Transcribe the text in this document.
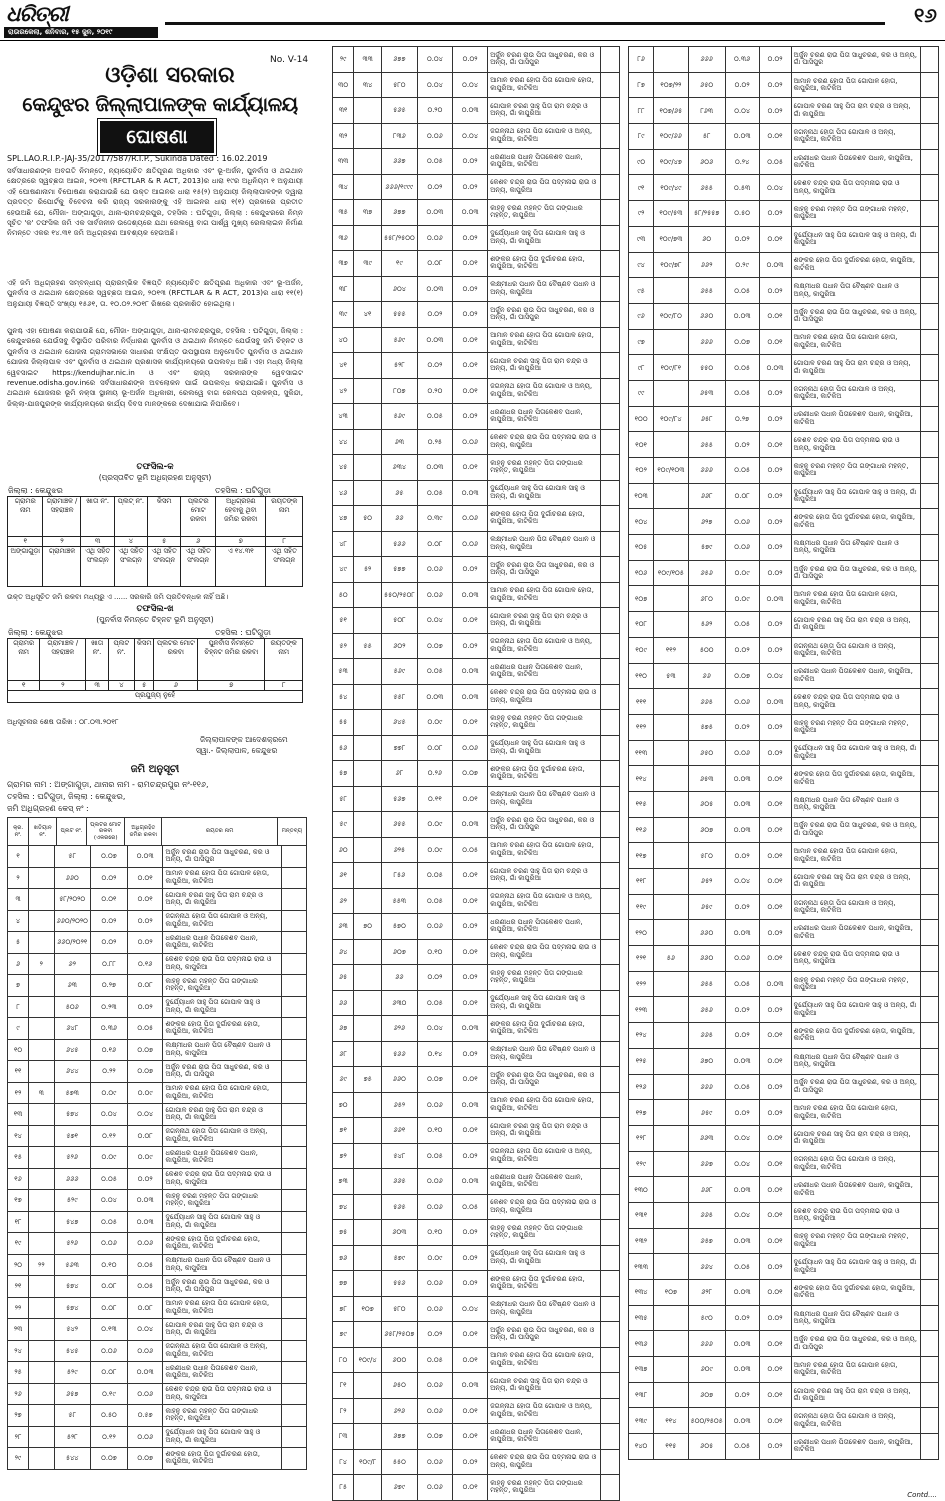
ଧରିତ୍ରୀ
ରାଉରକେଲା, ଶନିବାର, ୧୫ ଜୁନ, ୨୦୧୯
୧୬
No. V-14
ଓଡ଼ିଶା ସରକାର
କେନ୍ଦୁଝର ଜିଲ୍ଲାପାଳଙ୍କ କାର୍ଯ୍ୟାଳୟ
ଘୋଷଣା
SPL.LAO.R.I.P.-JAJ-35/2017/587/R.I.P., Sukinda Dated : 16.02.2019
ସର୍ବସାଧାରଣଙ୍କ ଅବଗତି ନିମନ୍ତେ, ନ୍ୟାୟୋଚିତ କ୍ଷତିପୂରଣ ଅଧିକାର ଏବଂ ଭୂ-ଅର୍ଜନ, ପୁନର୍ବାସ ଓ ଥଇଥାନ କ୍ଷେତ୍ରରେ ସ୍ୱଚ୍ଛତା ଆଇନ, ୨୦୧୩ (RFCTLAR & R ACT, 2013)ର ଧାରା ୧୯ର ଅଧିନିୟମ ୧ ଅନୁଯାୟୀ ଏହି ଘୋଷଣାନାମା ବିଘୋଷଣା କରାଯାଉଛି ଯେ ଉକ୍ତ ଆଇନର ଧାରା ୧୫(୨) ଅନୁଯାୟୀ ଜିଲ୍ଲାପାଳଙ୍କ ଦ୍ୱାରା ପ୍ରଦତ୍ତ ରିପୋର୍ଟକୁ ବିବେଚନା କରି ରାଜ୍ୟ ସରକାରଙ୍କୁ ଏହି ଆଇନର ଧାରା ୧(୧) ପ୍ରକାରେ ପ୍ରତୀତ ହେଉଅଛି ଯେ, ମୌଜା- ଅଙ୍ଗାଗୁଡ଼ା, ଥାନା-ରାମଚନ୍ଦ୍ରପୁର, ତହସିଲ : ଘଟିଗୁଡ଼ା, ଜିଲ୍ଲା : କେନ୍ଦୁଝରରେ ନିମ୍ନ ସୂଚିତ 'କ' ତଫସିଲ ଜମି ଏକ ସାର୍ବଜନୀନ ଉଦ୍ଦେଶ୍ୟରେ ଯଥା ରେଲୱେ ବାଗ ପାର୍ଶ୍ୱ ମୁଖ୍ୟ ରେଲଲାଇନ ନିର୍ମାଣ ନିମନ୍ତେ ଏକର ୧୪.୩୧ ଜମି ଅଧିଗ୍ରହଣ ଆବଶ୍ୟକ ହେଉଅଛି।
ଏହି ଜମି ଅଧିଗ୍ରହଣ ସମ୍ବନ୍ଧୀୟ ପ୍ରାରମ୍ଭିକ ବିଜ୍ଞପ୍ତି ନ୍ୟାୟୋଚିତ କ୍ଷତିପୂରଣ ଅଧିକାର ଏବଂ ଭୂ-ଅର୍ଜନ, ପୁନର୍ବାସ ଓ ଥଇଥାନ କ୍ଷେତ୍ରରେ ସ୍ୱଚ୍ଛତା ଆଇନ, ୨୦୧୩ (RFCTLAR & R ACT, 2013)ର ଧାରା ୧୧(୧) ଅନୁଯାୟୀ ବିଜ୍ଞପ୍ତି ସଂଖ୍ୟା ୧୫୬୧, ତା. ୧୦.୦୨.୨୦୧୮ ରିଖରେ ପ୍ରକାଶିତ ହୋଇଥିଲା।
ପୁନଶ୍ଚ ଏହା ଘୋଷଣା କରାଯାଉଛି ଯେ, ମୌଜା- ଅଙ୍ଗାଗୁଡ଼ା, ଥାନା-ରାମଚନ୍ଦ୍ରପୁର, ତହସିଲ : ଘଟିଗୁଡ଼ା, ଜିଲ୍ଲା : କେନ୍ଦୁଝରରେ ଯେଉଁସବୁ ବିସ୍ଥାପିତ ପରିବାର ନିର୍ଦ୍ଧାରଣ ପୁନର୍ବାସ ଓ ଥଇଥାନ ନିମନ୍ତେ ଯେଉଁସବୁ ଜମି ଚିହ୍ନଟ ଓ ପୁନର୍ବାସ ଓ ଥଇଥାନ ଯୋଜନା ଗ୍ରାମସଭାରେ ସାଧାରଣ ସଂକ୍ଷିପ୍ତ ଉପସ୍ଥାପନା ଅନୁମୋଦିତ ପୁନର୍ବାସ ଓ ଥଇଥାନ ଯୋଜନା ଜିଲ୍ଲାପାଳ ଏବଂ ପୁନର୍ବାସ ଓ ଥଇଥାନ ପ୍ରଶାସକ କାର୍ଯ୍ୟାଳୟରେ ଉପଲବ୍ଧ ଅଛି। ଏହା ମଧ୍ୟ ଜିଲ୍ଲା ୱେବସାଇଟ https://kendujhar.nic.in ଓ ଏବଂ ରାଜ୍ୟ ସରକାରଙ୍କ ୱେବସାଇଟ revenue.odisha.gov.inରେ ସର୍ବସାଧାରଣଙ୍କ ଅବଲୋକନ ପାଇଁ ଉପଲବ୍ଧ କରାଯାଇଛି। ପୁନର୍ବାସ ଓ ଥଇଥାନ ଯୋଜନାର ଭୂମି ନକ୍ସା ସ୍ଥାନୀୟ ଭୂ-ଅର୍ଜନ ଅଧିକାରୀ, ରେଲୱେ ବାଗ ରେଳପଥ ପ୍ରକଳ୍ପ, ସୁକିନ୍ଦା, ଜିଲ୍ଲା-ଯାଜପୁରଙ୍କ କାର୍ଯ୍ୟାଳୟରେ କାର୍ଯ୍ୟ ଦିବସ ମାନଙ୍କରେ ଦେଖାଯାଇ ନିପାରିବେ।
ତଫସିଲ-କ
(ପ୍ରସ୍ତାବିତ ଭୂମି ଅଧିଗ୍ରହଣ ଅନୁସୂଚୀ)
ଜିଲ୍ଲା : କେନ୍ଦୁଝର	ତହସିଲ : ଘଟିଗୁଡ଼ା
ଗ୍ରାମର ନାମ	ଗ୍ରାମାଞ୍ଚଳ / ସହରାଞ୍ଚଳ	ଖାତା ନଂ.	ପ୍ଲଟ୍ ନଂ.	କିସମ	ପ୍ଲଟର ମୋଟ ରକବା	ଅଧିଗ୍ରହଣ ହେବାକୁ ଥିବା ଜମିର ରକବା	ରୟତଙ୍କ ନାମ
୧	୨	୩	୪	୫	୬	୭	୮
ଅଙ୍ଗାଗୁଡ଼ା	ଗ୍ରାମାଞ୍ଚଳ	ଏଥି ସହିତ ସଂଲଗ୍ନ	ଏଥି ସହିତ ସଂଲଗ୍ନ	ଏଥି ସହିତ ସଂଲଗ୍ନ	ଏଥି ସହିତ ସଂଲଗ୍ନ	ଏ ୧୪.୩୧	ଏଥି ସହିତ ସଂଲଗ୍ନ
ଉକ୍ତ ଅଧିସୂଚିତ ଜମି ରକବା ମଧ୍ୟରୁ ଏ ...... ସରକାରି ଜମି ପ୍ରତିବନ୍ଧକ ନାହିଁ ଅଛି।
ତଫସିଲ-ଖ
(ପୁନର୍ବାସ ନିମନ୍ତେ ଚିହ୍ନଟ ଭୂମି ଅନୁସୂଚୀ)
ଜିଲ୍ଲା : କେନ୍ଦୁଝର	ତହସିଲ : ଘଟିଗୁଡ଼ା
ଗ୍ରାମର ନାମ	ଗ୍ରାମାଞ୍ଚଳ / ସହରାଞ୍ଚଳ	ଖାତା ନଂ.	ପ୍ଲଟ ନଂ.	କିସମ	ପ୍ଲଟର ମୋଟ ରକବା	ପୁନର୍ବାସ ନିମନ୍ତେ ଚିହ୍ନଟ ଜମିର ରକବା	ରୟତଙ୍କ ନାମ
୧	୨	୩	୪	୫	୬	୭	୮
ପ୍ରଯୁଜ୍ୟ ନୁହେଁ							
ଅଧିସୂଚନାର ଶେଷ ତାରିଖ : ୦୮.୦୩.୨୦୧୮
ଜିଲ୍ଲାପାଳଙ୍କ ଆଦେଶକ୍ରମେ
ସ୍ୱା.- ଜିଲ୍ଲାପାଳ, କେନ୍ଦୁଝର
ଜମି ଅନୁସୂଚୀ
ଗ୍ରାମର ନାମ : ଅଙ୍ଗାଗୁଡ଼ା, ଥାନାର ନାମ - ରାମଚନ୍ଦ୍ରପୁର ନଂ-୧୧୬,
ତହସିଲ : ଘଟିଗୁଡ଼ା, ଜିଲ୍ଲା : କେନ୍ଦୁଝର,
ଜମି ଅଧିଗ୍ରହଣ କେସ୍ ନଂ :
କ୍ର. ନଂ.	ଖତିୟାନ ନଂ.	ପ୍ଲଟ ନଂ.	ପ୍ଲଟର ମୋଟ ରକବା (ଏକରରେ)	ଅଧିଗ୍ରହିତ ଜମିର ରକବା	ରୟତର ନାମ	ମନ୍ତବ୍ୟ
୧		୫୮	୦.୦୭	୦.୦୩	ଅର୍ଜୁନ ଚରଣ ରାଉ ପିତା ସାଧୁଚରଣ, କର ଓ ଅନ୍ୟ, ଗାଁ ଘାସିପୁର	
୨		୬୬୦	୦.୦୨	୦.୦୧	ଆମାନ ଚରଣ ହୋତା ପିତା ଗୋପାଳ ହୋତା, କାପୁରିଆ, କାଟିକିଅ	
୩		୫୮/୨୦୨୦	୦.୦୧	୦.୦୧	ଗୋପାଳ ଚରଣ ସାହୁ ପିତା ରାମ ଚନ୍ଦ୍ର ଓ ଅନ୍ୟ, ଗାଁ କାପୁରିଆ	
୪		୬୬୦/୨୦୨୦	୦.୦୨	୦.୦୨	ଜଗନ୍ନାଥ ହୋତା ପିତା ଗୋପାଳ ଓ ଅନ୍ୟ, କାପୁରିଆ, କାଟିକିଅ	
୫		୬୬୦/୨୦୨୧	୦.୦୨	୦.୦୨	ଧରଣୀଧର ପଧାନ ପିତାକେଶବ ପଧାନ, କାପୁରିଆ, କାଟିକିଅ	
୬	୨	୬୨	୦.୮୮	୦.୧୬	କେଶବ ଚନ୍ଦ୍ର ରାଉ ପିତା ପଦ୍ମନାଭ ରାଉ ଓ ଅନ୍ୟ, କାପୁରିଆ	
୭		୬୩	୦.୨୭	୦.୦୮	କାହ୍ନୁ ଚରଣ ମହନ୍ତ ପିତା ଗଙ୍ଗାଧର ମହନ୍ତ, କାପୁରିଆ	
୮		୫୦୬	୦.୨୩	୦.୦୨	ଦୁର୍ଯ୍ୟୋଧନ ସାହୁ ପିତା ଗୋପାଳ ସାହୁ ଓ ଅନ୍ୟ, ଗାଁ କାପୁରିଆ	
୯		୬୪୮	୦.୩୬	୦.୦୫	ଶଙ୍କର ହୋତା ପିତା ଦୁର୍ଗାଚରଣ ହୋତା, କାପୁରିଆ, କାଟିକିଅ	
୧୦		୬୪୫	୦.୧୬	୦.୦୭	ଲକ୍ଷ୍ମୀଧର ପଧାନ ପିତା ବୈଷ୍ଣବ ପଧାନ ଓ ଅନ୍ୟ, କାପୁରିଆ	
୧୧		୬୪୪	୦.୨୨	୦.୦୭	ଅର୍ଜୁନ ଚରଣ ରାଉ ପିତା ସାଧୁଚରଣ, କର ଓ ଅନ୍ୟ, ଗାଁ ଘାସିପୁର	
୧୨	୩	୫୭୩	୦.୦୯	୦.୦୯	ଆମାନ ଚରଣ ହୋତା ପିତା ଗୋପାଳ ହୋତା, କାପୁରିଆ, କାଟିକିଅ	
୧୩		୫୭୪	୦.୦୪	୦.୦୪	ଗୋପାଳ ଚରଣ ସାହୁ ପିତା ରାମ ଚନ୍ଦ୍ର ଓ ଅନ୍ୟ, ଗାଁ କାପୁରିଆ	
୧୪		୫୭୧	୦.୧୨	୦.୦୮	ଜଗନ୍ନାଥ ହୋତା ପିତା ଗୋପାଳ ଓ ଅନ୍ୟ, କାପୁରିଆ, କାଟିକିଅ	
୧୫		୫୨୬	୦.୦୯	୦.୦୯	ଧରଣୀଧର ପଧାନ ପିତାକେଶବ ପଧାନ, କାପୁରିଆ, କାଟିକିଅ	
୧୬		୬୬୬	୦.୦୫	୦.୦୨	କେଶବ ଚନ୍ଦ୍ର ରାଉ ପିତା ପଦ୍ମନାଭ ରାଉ ଓ ଅନ୍ୟ, କାପୁରିଆ	
୧୭		୫୨୯	୦.୦୪	୦.୦୩	କାହ୍ନୁ ଚରଣ ମହନ୍ତ ପିତା ଗଙ୍ଗାଧର ମହନ୍ତ, କାପୁରିଆ	
୧୮		୫୪୭	୦.୦୫	୦.୦୩	ଦୁର୍ଯ୍ୟୋଧନ ସାହୁ ପିତା ଗୋପାଳ ସାହୁ ଓ ଅନ୍ୟ, ଗାଁ କାପୁରିଆ	
୧୯		୫୨୬	୦.୦୬	୦.୦୬	ଶଙ୍କର ହୋତା ପିତା ଦୁର୍ଗାଚରଣ ହୋତା, କାପୁରିଆ, କାଟିକିଅ	
୨୦	୨୨	୫୬୩	୦.୧୦	୦.୦୫	ଲକ୍ଷ୍ମୀଧର ପଧାନ ପିତା ବୈଷ୍ଣବ ପଧାନ ଓ ଅନ୍ୟ, କାପୁରିଆ	
୨୧		୫୭୪	୦.୦୮	୦.୦୫	ଅର୍ଜୁନ ଚରଣ ରାଉ ପିତା ସାଧୁଚରଣ, କର ଓ ଅନ୍ୟ, ଗାଁ ଘାସିପୁର	
୨୨		୫୭୪	୦.୦୮	୦.୦୮	ଆମାନ ଚରଣ ହୋତା ପିତା ଗୋପାଳ ହୋତା, କାପୁରିଆ, କାଟିକିଅ	
୨୩		୫୪୨	୦.୧୩	୦.୦୪	ଗୋପାଳ ଚରଣ ସାହୁ ପିତା ରାମ ଚନ୍ଦ୍ର ଓ ଅନ୍ୟ, ଗାଁ କାପୁରିଆ	
୨୪		୫୪୫	୦.୦୬	୦.୦୬	ଜଗନ୍ନାଥ ହୋତା ପିତା ଗୋପାଳ ଓ ଅନ୍ୟ, କାପୁରିଆ, କାଟିକିଅ	
୨୫		୫୨୯	୦.୦୮	୦.୦୩	ଧରଣୀଧର ପଧାନ ପିତାକେଶବ ପଧାନ, କାପୁରିଆ, କାଟିକିଅ	
୨୬		୬୫୭	୦.୧୯	୦.୦୬	କେଶବ ଚନ୍ଦ୍ର ରାଉ ପିତା ପଦ୍ମନାଭ ରାଉ ଓ ଅନ୍ୟ, କାପୁରିଆ	
୨୭		୫୮	୦.୫୦	୦.୫୭	କାହ୍ନୁ ଚରଣ ମହନ୍ତ ପିତା ଗଙ୍ଗାଧର ମହନ୍ତ, କାପୁରିଆ	
୨୮		୫୨୮	୦.୧୨	୦.୦୬	ଦୁର୍ଯ୍ୟୋଧନ ସାହୁ ପିତା ଗୋପାଳ ସାହୁ ଓ ଅନ୍ୟ, ଗାଁ କାପୁରିଆ	
୨୯		୫୪୪	୦.୦୭	୦.୦୭	ଶଙ୍କର ହୋତା ପିତା ଦୁର୍ଗାଚରଣ ହୋତା, କାପୁରିଆ, କାଟିକିଅ	
୨୯	୩୩	୬୭୭	୦.୦୪	୦.୦୨	ଅର୍ଜୁନ ଚରଣ ରାଉ ପିତା ସାଧୁଚରଣ, କର ଓ ଅନ୍ୟ, ଗାଁ ଘାସିପୁର	
୩୦	୩୪	୫୮୦	୦.୦୪	୦.୦୪	ଆମାନ ଚରଣ ହୋତା ପିତା ଗୋପାଳ ହୋତା, କାପୁରିଆ, କାଟିକିଅ	
୩୧		୫୬୫	୦.୨୦	୦.୦୩	ଗୋପାଳ ଚରଣ ସାହୁ ପିତା ରାମ ଚନ୍ଦ୍ର ଓ ଅନ୍ୟ, ଗାଁ କାପୁରିଆ	
୩୨		୮୩୬	୦.୦୬	୦.୦୪	ଜଗନ୍ନାଥ ହୋତା ପିତା ଗୋପାଳ ଓ ଅନ୍ୟ, କାପୁରିଆ, କାଟିକିଅ	
୩୩		୬୬୭	୦.୦୫	୦.୦୨	ଧରଣୀଧର ପଧାନ ପିତାକେଶବ ପଧାନ, କାପୁରିଆ, କାଟିକିଅ	
୩୪		୬୬୬/୧୯୯୯	୦.୦୨	୦.୦୨	କେଶବ ଚନ୍ଦ୍ର ରାଉ ପିତା ପଦ୍ମନାଭ ରାଉ ଓ ଅନ୍ୟ, କାପୁରିଆ	
୩୫	୩୭	୬୭୭	୦.୦୩	୦.୦୩	କାହ୍ନୁ ଚରଣ ମହନ୍ତ ପିତା ଗଙ୍ଗାଧର ମହନ୍ତ, କାପୁରିଆ	
୩୬		୫୫୮/୨୫୦୦	୦.୦୬	୦.୦୨	ଦୁର୍ଯ୍ୟୋଧନ ସାହୁ ପିତା ଗୋପାଳ ସାହୁ ଓ ଅନ୍ୟ, ଗାଁ କାପୁରିଆ	
୩୭	୩୯	୧୯	୦.୦୮	୦.୦୧	ଶଙ୍କର ହୋତା ପିତା ଦୁର୍ଗାଚରଣ ହୋତା, କାପୁରିଆ, କାଟିକିଅ	
୩୮		୬୦୪	୦.୦୩	୦.୦୨	ଲକ୍ଷ୍ମୀଧର ପଧାନ ପିତା ବୈଷ୍ଣବ ପଧାନ ଓ ଅନ୍ୟ, କାପୁରିଆ	
୩୯	୪୧	୫୫୫	୦.୦୨	୦.୦୨	ଅର୍ଜୁନ ଚରଣ ରାଉ ପିତା ସାଧୁଚରଣ, କର ଓ ଅନ୍ୟ, ଗାଁ ଘାସିପୁର	
୪୦		୫୬୯	୦.୦୩	୦.୦୧	ଆମାନ ଚରଣ ହୋତା ପିତା ଗୋପାଳ ହୋତା, କାପୁରିଆ, କାଟିକିଅ	
୪୧		୫୨୮	୦.୦୨	୦.୦୧	ଗୋପାଳ ଚରଣ ସାହୁ ପିତା ରାମ ଚନ୍ଦ୍ର ଓ ଅନ୍ୟ, ଗାଁ କାପୁରିଆ	
୪୨		୮୦୭	୦.୨୦	୦.୦୧	ଜଗନ୍ନାଥ ହୋତା ପିତା ଗୋପାଳ ଓ ଅନ୍ୟ, କାପୁରିଆ, କାଟିକିଅ	
୪୩		୫୬୯	୦.୦୫	୦.୦୨	ଧରଣୀଧର ପଧାନ ପିତାକେଶବ ପଧାନ, କାପୁରିଆ, କାଟିକିଅ	
୪୪		୬୩	୦.୨୫	୦.୦୬	କେଶବ ଚନ୍ଦ୍ର ରାଉ ପିତା ପଦ୍ମନାଭ ରାଉ ଓ ଅନ୍ୟ, କାପୁରିଆ	
୪୫		୬୩୪	୦.୦୩	୦.୦୧	କାହ୍ନୁ ଚରଣ ମହନ୍ତ ପିତା ଗଙ୍ଗାଧର ମହନ୍ତ, କାପୁରିଆ	
୪୬		୬୫	୦.୦୫	୦.୦୩	ଦୁର୍ଯ୍ୟୋଧନ ସାହୁ ପିତା ଗୋପାଳ ସାହୁ ଓ ଅନ୍ୟ, ଗାଁ କାପୁରିଆ	
୪୭	୫୦	୬୬	୦.୩୯	୦.୦୬	ଶଙ୍କର ହୋତା ପିତା ଦୁର୍ଗାଚରଣ ହୋତା, କାପୁରିଆ, କାଟିକିଅ	
୪୮		୫୬୬	୦.୦୮	୦.୦୬	ଲକ୍ଷ୍ମୀଧର ପଧାନ ପିତା ବୈଷ୍ଣବ ପଧାନ ଓ ଅନ୍ୟ, କାପୁରିଆ	
୪୯	୫୨	୫୭୭	୦.୦୬	୦.୦୨	ଅର୍ଜୁନ ଚରଣ ରାଉ ପିତା ସାଧୁଚରଣ, କର ଓ ଅନ୍ୟ, ଗାଁ ଘାସିପୁର	
୫୦		୫୫୦/୨୫୦୮	୦.୦୬	୦.୦୩	ଆମାନ ଚରଣ ହୋତା ପିତା ଗୋପାଳ ହୋତା, କାପୁରିଆ, କାଟିକିଅ	
୫୧		୫୦୮	୦.୦୪	୦.୦୧	ଗୋପାଳ ଚରଣ ସାହୁ ପିତା ରାମ ଚନ୍ଦ୍ର ଓ ଅନ୍ୟ, ଗାଁ କାପୁରିଆ	
୫୨	୫୫	୬୦୨	୦.୦୭	୦.୦୨	ଜଗନ୍ନାଥ ହୋତା ପିତା ଗୋପାଳ ଓ ଅନ୍ୟ, କାପୁରିଆ, କାଟିକିଅ	
୫୩		୫୬୯	୦.୦୫	୦.୦୩	ଧରଣୀଧର ପଧାନ ପିତାକେଶବ ପଧାନ, କାପୁରିଆ, କାଟିକିଅ	
୫୪		୫୫୮	୦.୦୩	୦.୦୩	କେଶବ ଚନ୍ଦ୍ର ରାଉ ପିତା ପଦ୍ମନାଭ ରାଉ ଓ ଅନ୍ୟ, କାପୁରିଆ	
୫୫		୬୪୫	୦.୦୯	୦.୦୧	କାହ୍ନୁ ଚରଣ ମହନ୍ତ ପିତା ଗଙ୍ଗାଧର ମହନ୍ତ, କାପୁରିଆ	
୫୬		୭୭୮	୦.୦୮	୦.୦୬	ଦୁର୍ଯ୍ୟୋଧନ ସାହୁ ପିତା ଗୋପାଳ ସାହୁ ଓ ଅନ୍ୟ, ଗାଁ କାପୁରିଆ	
୫୭		୬୮	୦.୨୬	୦.୦୭	ଶଙ୍କର ହୋତା ପିତା ଦୁର୍ଗାଚରଣ ହୋତା, କାପୁରିଆ, କାଟିକିଅ	
୫୮		୫୬୭	୦.୧୧	୦.୦୧	ଲକ୍ଷ୍ମୀଧର ପଧାନ ପିତା ବୈଷ୍ଣବ ପଧାନ ଓ ଅନ୍ୟ, କାପୁରିଆ	
୫୯		୬୫୫	୦.୦୯	୦.୦୩	ଅର୍ଜୁନ ଚରଣ ରାଉ ପିତା ସାଧୁଚରଣ, କର ଓ ଅନ୍ୟ, ଗାଁ ଘାସିପୁର	
୬୦		୬୨୫	୦.୦୯	୦.୦୫	ଆମାନ ଚରଣ ହୋତା ପିତା ଗୋପାଳ ହୋତା, କାପୁରିଆ, କାଟିକିଅ	
୬୧		୮୫୬	୦.୦୫	୦.୦୧	ଗୋପାଳ ଚରଣ ସାହୁ ପିତା ରାମ ଚନ୍ଦ୍ର ଓ ଅନ୍ୟ, ଗାଁ କାପୁରିଆ	
୬୨		୫୫୩	୦.୦୫	୦.୦୧	ଜଗନ୍ନାଥ ହୋତା ପିତା ଗୋପାଳ ଓ ଅନ୍ୟ, କାପୁରିଆ, କାଟିକିଅ	
୬୩	୭୦	୫୭୦	୦.୦୬	୦.୦୨	ଧରଣୀଧର ପଧାନ ପିତାକେଶବ ପଧାନ, କାପୁରିଆ, କାଟିକିଅ	
୬୪		୬୦୭	୦.୧୦	୦.୦୧	କେଶବ ଚନ୍ଦ୍ର ରାଉ ପିତା ପଦ୍ମନାଭ ରାଉ ଓ ଅନ୍ୟ, କାପୁରିଆ	
୬୫		୬୬	୦.୦୨	୦.୦୨	କାହ୍ନୁ ଚରଣ ମହନ୍ତ ପିତା ଗଙ୍ଗାଧର ମହନ୍ତ, କାପୁରିଆ	
୬୬		୬୩୦	୦.୦୫	୦.୦୧	ଦୁର୍ଯ୍ୟୋଧନ ସାହୁ ପିତା ଗୋପାଳ ସାହୁ ଓ ଅନ୍ୟ, ଗାଁ କାପୁରିଆ	
୬୭		୬୨୬	୦.୦୪	୦.୦୩	ଶଙ୍କର ହୋତା ପିତା ଦୁର୍ଗାଚରଣ ହୋତା, କାପୁରିଆ, କାଟିକିଅ	
୬୮		୫୬୬	୦.୧୪	୦.୦୨	ଲକ୍ଷ୍ମୀଧର ପଧାନ ପିତା ବୈଷ୍ଣବ ପଧାନ ଓ ଅନ୍ୟ, କାପୁରିଆ	
୬୯	୭୫	୬୬୦	୦.୦୭	୦.୦୧	ଅର୍ଜୁନ ଚରଣ ରାଉ ପିତା ସାଧୁଚରଣ, କର ଓ ଅନ୍ୟ, ଗାଁ ଘାସିପୁର	
୭୦		୬୫୨	୦.୦୬	୦.୦୩	ଆମାନ ଚରଣ ହୋତା ପିତା ଗୋପାଳ ହୋତା, କାପୁରିଆ, କାଟିକିଅ	
୭୧		୬୬୧	୦.୧୦	୦.୦୧	ଗୋପାଳ ଚରଣ ସାହୁ ପିତା ରାମ ଚନ୍ଦ୍ର ଓ ଅନ୍ୟ, ଗାଁ କାପୁରିଆ	
୭୨		୫୪୮	୦.୦୫	୦.୦୨	ଜଗନ୍ନାଥ ହୋତା ପିତା ଗୋପାଳ ଓ ଅନ୍ୟ, କାପୁରିଆ, କାଟିକିଅ	
୭୩		୬୬୫	୦.୦୬	୦.୦୩	ଧରଣୀଧର ପଧାନ ପିତାକେଶବ ପଧାନ, କାପୁରିଆ, କାଟିକିଅ	
୭୪		୫୬୫	୦.୦୬	୦.୦୫	କେଶବ ଚନ୍ଦ୍ର ରାଉ ପିତା ପଦ୍ମନାଭ ରାଉ ଓ ଅନ୍ୟ, କାପୁରିଆ	
୭୫		୬୦୩	୦.୧୦	୦.୦୨	କାହ୍ନୁ ଚରଣ ମହନ୍ତ ପିତା ଗଙ୍ଗାଧର ମହନ୍ତ, କାପୁରିଆ	
୭୬		୫୭୯	୦.୦୯	୦.୦୨	ଦୁର୍ଯ୍ୟୋଧନ ସାହୁ ପିତା ଗୋପାଳ ସାହୁ ଓ ଅନ୍ୟ, ଗାଁ କାପୁରିଆ	
୭୭		୫୫୬	୦.୦୬	୦.୦୨	ଶଙ୍କର ହୋତା ପିତା ଦୁର୍ଗାଚରଣ ହୋତା, କାପୁରିଆ, କାଟିକିଅ	
୭୮	୧୦୭	୫୮୦	୦.୦୬	୦.୦୪	ଲକ୍ଷ୍ମୀଧର ପଧାନ ପିତା ବୈଷ୍ଣବ ପଧାନ ଓ ଅନ୍ୟ, କାପୁରିଆ	
୭୯		୬୫୮/୨୫୦୭	୦.୦୨	୦.୦୧	ଅର୍ଜୁନ ଚରଣ ରାଉ ପିତା ସାଧୁଚରଣ, କର ଓ ଅନ୍ୟ, ଗାଁ ଘାସିପୁର	
୮୦	୧୦୯/୪	୬୦୦	୦.୦୫	୦.୦୧	ଆମାନ ଚରଣ ହୋତା ପିତା ଗୋପାଳ ହୋତା, କାପୁରିଆ, କାଟିକିଅ	
୮୧		୬୫୦	୦.୦୬	୦.୦୩	ଗୋପାଳ ଚରଣ ସାହୁ ପିତା ରାମ ଚନ୍ଦ୍ର ଓ ଅନ୍ୟ, ଗାଁ କାପୁରିଆ	
୮୨		୬୨୬	୦.୦୬	୦.୦୧	ଜଗନ୍ନାଥ ହୋତା ପିତା ଗୋପାଳ ଓ ଅନ୍ୟ, କାପୁରିଆ, କାଟିକିଅ	
୮୩		୬୭୭	୦.୦୭	୦.୦୧	ଧରଣୀଧର ପଧାନ ପିତାକେଶବ ପଧାନ, କାପୁରିଆ, କାଟିକିଅ	
୮୪	୧୦୯/୮	୫୫୦	୦.୦୬	୦.୦୨	କେଶବ ଚନ୍ଦ୍ର ରାଉ ପିତା ପଦ୍ମନାଭ ରାଉ ଓ ଅନ୍ୟ, କାପୁରିଆ	
୮୫		୬୭୯	୦.୦୬	୦.୦୧	କାହ୍ନୁ ଚରଣ ମହନ୍ତ ପିତା ଗଙ୍ଗାଧର ମହନ୍ତ, କାପୁରିଆ	
୮୬		୬୬୬	୦.୩୬	୦.୦୨	ଅର୍ଜୁନ ଚରଣ ରାଉ ପିତା ସାଧୁଚରଣ, କର ଓ ଅନ୍ୟ, ଗାଁ ଘାସିପୁର	
୮୭	୧୦୭/୨୨	୬୫୦	୦.୦୨	୦.୦୨	ଆମାନ ଚରଣ ହୋତା ପିତା ଗୋପାଳ ହୋତା, କାପୁରିଆ, କାଟିକିଅ	
୮୮	୧୦୭/୬୫	୮୬୩	୦.୦୪	୦.୦୨	ଗୋପାଳ ଚରଣ ସାହୁ ପିତା ରାମ ଚନ୍ଦ୍ର ଓ ଅନ୍ୟ, ଗାଁ କାପୁରିଆ	
୮୯	୧୦୯/୬୬	୫୮	୦.୦୩	୦.୦୧	ଜଗନ୍ନାଥ ହୋତା ପିତା ଗୋପାଳ ଓ ଅନ୍ୟ, କାପୁରିଆ, କାଟିକିଅ	
୯୦	୧୦୯/୪୭	୬୦୬	୦.୨୪	୦.୦୫	ଧରଣୀଧର ପଧାନ ପିତାକେଶବ ପଧାନ, କାପୁରିଆ, କାଟିକିଅ	
୯୧	୧୦୯/୪୯	୬୫୫	୦.୫୩	୦.୦୪	କେଶବ ଚନ୍ଦ୍ର ରାଉ ପିତା ପଦ୍ମନାଭ ରାଉ ଓ ଅନ୍ୟ, କାପୁରିଆ	
୯୨	୧୦୯/୫୩	୫୮/୨୫୫୭	୦.୫୦	୦.୦୨	କାହ୍ନୁ ଚରଣ ମହନ୍ତ ପିତା ଗଙ୍ଗାଧର ମହନ୍ତ, କାପୁରିଆ	
୯୩	୧୦୯/୭୩	୬୦	୦.୦୨	୦.୦୧	ଦୁର୍ଯ୍ୟୋଧନ ସାହୁ ପିତା ଗୋପାଳ ସାହୁ ଓ ଅନ୍ୟ, ଗାଁ କାପୁରିଆ	
୯୪	୧୦୯/୭୮	୬୬୨	୦.୨୯	୦.୦୩	ଶଙ୍କର ହୋତା ପିତା ଦୁର୍ଗାଚରଣ ହୋତା, କାପୁରିଆ, କାଟିକିଅ	
୯୫		୬୫୫	୦.୦୫	୦.୦୨	ଲକ୍ଷ୍ମୀଧର ପଧାନ ପିତା ବୈଷ୍ଣବ ପଧାନ ଓ ଅନ୍ୟ, କାପୁରିଆ	
୯୬	୧୦୯/୮୦	୬୬୦	୦.୦୩	୦.୦୧	ଅର୍ଜୁନ ଚରଣ ରାଉ ପିତା ସାଧୁଚରଣ, କର ଓ ଅନ୍ୟ, ଗାଁ ଘାସିପୁର	
୯୭		୬୬୬	୦.୦୭	୦.୦୧	ଆମାନ ଚରଣ ହୋତା ପିତା ଗୋପାଳ ହୋତା, କାପୁରିଆ, କାଟିକିଅ	
୯୮	୧୦୯/୮୧	୫୫୦	୦.୦୫	୦.୦୩	ଗୋପାଳ ଚରଣ ସାହୁ ପିତା ରାମ ଚନ୍ଦ୍ର ଓ ଅନ୍ୟ, ଗାଁ କାପୁରିଆ	
୯୯		୬୫୩	୦.୦୫	୦.୦୨	ଜଗନ୍ନାଥ ହୋତା ପିତା ଗୋପାଳ ଓ ଅନ୍ୟ, କାପୁରିଆ, କାଟିକିଅ	
୧୦୦	୧୦୯/୮୪	୬୫୮	୦.୨୭	୦.୦୨	ଧରଣୀଧର ପଧାନ ପିତାକେଶବ ପଧାନ, କାପୁରିଆ, କାଟିକିଅ	
୧୦୧		୬୫୫	୦.୦୨	୦.୦୧	କେଶବ ଚନ୍ଦ୍ର ରାଉ ପିତା ପଦ୍ମନାଭ ରାଉ ଓ ଅନ୍ୟ, କାପୁରିଆ	
୧୦୨	୧୦୯/୧୦୩	୬୬୬	୦.୦୫	୦.୦୨	କାହ୍ନୁ ଚରଣ ମହନ୍ତ ପିତା ଗଙ୍ଗାଧର ମହନ୍ତ, କାପୁରିଆ	
୧୦୩		୬୬୮	୦.୦୮	୦.୦୨	ଦୁର୍ଯ୍ୟୋଧନ ସାହୁ ପିତା ଗୋପାଳ ସାହୁ ଓ ଅନ୍ୟ, ଗାଁ କାପୁରିଆ	
୧୦୪		୬୨୭	୦.୦୬	୦.୦୨	ଶଙ୍କର ହୋତା ପିତା ଦୁର୍ଗାଚରଣ ହୋତା, କାପୁରିଆ, କାଟିକିଅ	
୧୦୫		୫୭୯	୦.୦୬	୦.୦୨	ଲକ୍ଷ୍ମୀଧର ପଧାନ ପିତା ବୈଷ୍ଣବ ପଧାନ ଓ ଅନ୍ୟ, କାପୁରିଆ	
୧୦୬	୧୦୯/୧୦୫	୬୫୬	୦.୦୯	୦.୦୨	ଅର୍ଜୁନ ଚରଣ ରାଉ ପିତା ସାଧୁଚରଣ, କର ଓ ଅନ୍ୟ, ଗାଁ ଘାସିପୁର	
୧୦୭		୬୮୦	୦.୦୯	୦.୦୩	ଆମାନ ଚରଣ ହୋତା ପିତା ଗୋପାଳ ହୋତା, କାପୁରିଆ, କାଟିକିଅ	
୧୦୮		୫୬୨	୦.୦୫	୦.୦୨	ଗୋପାଳ ଚରଣ ସାହୁ ପିତା ରାମ ଚନ୍ଦ୍ର ଓ ଅନ୍ୟ, ଗାଁ କାପୁରିଆ	
୧୦୯	୧୧୨	୫୦୦	୦.୦୨	୦.୦୨	ଜଗନ୍ନାଥ ହୋତା ପିତା ଗୋପାଳ ଓ ଅନ୍ୟ, କାପୁରିଆ, କାଟିକିଅ	
୧୧୦	୫୩	୬୬	୦.୦୭	୦.୦୪	ଧରଣୀଧର ପଧାନ ପିତାକେଶବ ପଧାନ, କାପୁରିଆ, କାଟିକିଅ	
୧୧୧		୬୬୫	୦.୦୬	୦.୦୩	କେଶବ ଚନ୍ଦ୍ର ରାଉ ପିତା ପଦ୍ମନାଭ ରାଉ ଓ ଅନ୍ୟ, କାପୁରିଆ	
୧୧୨		୫୭୫	୦.୦୨	୦.୦୨	କାହ୍ନୁ ଚରଣ ମହନ୍ତ ପିତା ଗଙ୍ଗାଧର ମହନ୍ତ, କାପୁରିଆ	
୧୧୩		୬୫୦	୦.୦୬	୦.୦୨	ଦୁର୍ଯ୍ୟୋଧନ ସାହୁ ପିତା ଗୋପାଳ ସାହୁ ଓ ଅନ୍ୟ, ଗାଁ କାପୁରିଆ	
୧୧୪		୬୫୩	୦.୦୩	୦.୦୧	ଶଙ୍କର ହୋତା ପିତା ଦୁର୍ଗାଚରଣ ହୋତା, କାପୁରିଆ, କାଟିକିଅ	
୧୧୫		୬୦୫	୦.୦୩	୦.୦୧	ଲକ୍ଷ୍ମୀଧର ପଧାନ ପିତା ବୈଷ୍ଣବ ପଧାନ ଓ ଅନ୍ୟ, କାପୁରିଆ	
୧୧୬		୬୦୭	୦.୦୩	୦.୦୧	ଅର୍ଜୁନ ଚରଣ ରାଉ ପିତା ସାଧୁଚରଣ, କର ଓ ଅନ୍ୟ, ଗାଁ ଘାସିପୁର	
୧୧୭		୫୮୦	୦.୦୨	୦.୦୧	ଆମାନ ଚରଣ ହୋତା ପିତା ଗୋପାଳ ହୋତା, କାପୁରିଆ, କାଟିକିଅ	
୧୧୮		୬୫୨	୦.୦୪	୦.୦୧	ଗୋପାଳ ଚରଣ ସାହୁ ପିତା ରାମ ଚନ୍ଦ୍ର ଓ ଅନ୍ୟ, ଗାଁ କାପୁରିଆ	
୧୧୯		୬୫୯	୦.୦୨	୦.୦୧	ଜଗନ୍ନାଥ ହୋତା ପିତା ଗୋପାଳ ଓ ଅନ୍ୟ, କାପୁରିଆ, କାଟିକିଅ	
୧୨୦		୬୬୦	୦.୦୩	୦.୦୨	ଧରଣୀଧର ପଧାନ ପିତାକେଶବ ପଧାନ, କାପୁରିଆ, କାଟିକିଅ	
୧୨୧	୫୬	୬୬୦	୦.୦୬	୦.୦୧	କେଶବ ଚନ୍ଦ୍ର ରାଉ ପିତା ପଦ୍ମନାଭ ରାଉ ଓ ଅନ୍ୟ, କାପୁରିଆ	
୧୨୨		୬୫୫	୦.୦୫	୦.୦୩	କାହ୍ନୁ ଚରଣ ମହନ୍ତ ପିତା ଗଙ୍ଗାଧର ମହନ୍ତ, କାପୁରିଆ	
୧୨୩		୬୫୬	୦.୦୨	୦.୦୨	ଦୁର୍ଯ୍ୟୋଧନ ସାହୁ ପିତା ଗୋପାଳ ସାହୁ ଓ ଅନ୍ୟ, ଗାଁ କାପୁରିଆ	
୧୨୪		୬୬୫	୦.୦୨	୦.୦୧	ଶଙ୍କର ହୋତା ପିତା ଦୁର୍ଗାଚରଣ ହୋତା, କାପୁରିଆ, କାଟିକିଅ	
୧୨୫		୬୭୦	୦.୦୩	୦.୦୧	ଲକ୍ଷ୍ମୀଧର ପଧାନ ପିତା ବୈଷ୍ଣବ ପଧାନ ଓ ଅନ୍ୟ, କାପୁରିଆ	
୧୨୬		୬୬୬	୦.୦୫	୦.୦୨	ଅର୍ଜୁନ ଚରଣ ରାଉ ପିତା ସାଧୁଚରଣ, କର ଓ ଅନ୍ୟ, ଗାଁ ଘାସିପୁର	
୧୨୭		୬୫୯	୦.୦୨	୦.୦୨	ଆମାନ ଚରଣ ହୋତା ପିତା ଗୋପାଳ ହୋତା, କାପୁରିଆ, କାଟିକିଅ	
୧୨୮		୬୬୩	୦.୦୪	୦.୦୧	ଗୋପାଳ ଚରଣ ସାହୁ ପିତା ରାମ ଚନ୍ଦ୍ର ଓ ଅନ୍ୟ, ଗାଁ କାପୁରିଆ	
୧୨୯		୬୬୭	୦.୦୪	୦.୦୧	ଜଗନ୍ନାଥ ହୋତା ପିତା ଗୋପାଳ ଓ ଅନ୍ୟ, କାପୁରିଆ, କାଟିକିଅ	
୧୩୦		୬୬୮	୦.୦୩	୦.୦୧	ଧରଣୀଧର ପଧାନ ପିତାକେଶବ ପଧାନ, କାପୁରିଆ, କାଟିକିଅ	
୧୩୧		୬୬୫	୦.୦୪	୦.୦୧	କେଶବ ଚନ୍ଦ୍ର ରାଉ ପିତା ପଦ୍ମନାଭ ରାଉ ଓ ଅନ୍ୟ, କାପୁରିଆ	
୧୩୨		୬୫୭	୦.୦୩	୦.୦୧	କାହ୍ନୁ ଚରଣ ମହନ୍ତ ପିତା ଗଙ୍ଗାଧର ମହନ୍ତ, କାପୁରିଆ	
୧୩୩		୬୬୪	୦.୦୫	୦.୦୨	ଦୁର୍ଯ୍ୟୋଧନ ସାହୁ ପିତା ଗୋପାଳ ସାହୁ ଓ ଅନ୍ୟ, ଗାଁ କାପୁରିଆ	
୧୩୪	୧୦୭	୬୨୮	୦.୦୩	୦.୦୧	ଶଙ୍କର ହୋତା ପିତା ଦୁର୍ଗାଚରଣ ହୋତା, କାପୁରିଆ, କାଟିକିଅ	
୧୩୫		୫୯୦	୦.୦୨	୦.୦୨	ଲକ୍ଷ୍ମୀଧର ପଧାନ ପିତା ବୈଷ୍ଣବ ପଧାନ ଓ ଅନ୍ୟ, କାପୁରିଆ	
୧୩୬		୬୬୬	୦.୦୩	୦.୦୧	ଅର୍ଜୁନ ଚରଣ ରାଉ ପିତା ସାଧୁଚରଣ, କର ଓ ଅନ୍ୟ, ଗାଁ ଘାସିପୁର	
୧୩୭		୬୦୯	୦.୦୩	୦.୦୧	ଆମାନ ଚରଣ ହୋତା ପିତା ଗୋପାଳ ହୋତା, କାପୁରିଆ, କାଟିକିଅ	
୧୩୮		୬୦୭	୦.୦୨	୦.୦୧	ଗୋପାଳ ଚରଣ ସାହୁ ପିତା ରାମ ଚନ୍ଦ୍ର ଓ ଅନ୍ୟ, ଗାଁ କାପୁରିଆ	
୧୩୯	୧୧୪	୫୦୦/୨୫୦୫	୦.୦୩	୦.୦୧	ଜଗନ୍ନାଥ ହୋତା ପିତା ଗୋପାଳ ଓ ଅନ୍ୟ, କାପୁରିଆ, କାଟିକିଅ	
୧୪୦	୧୧୫	୬୦୫	୦.୦୫	୦.୦୨	ଧରଣୀଧର ପଧାନ ପିତାକେଶବ ପଧାନ, କାପୁରିଆ, କାଟିକିଅ	
Contd....
